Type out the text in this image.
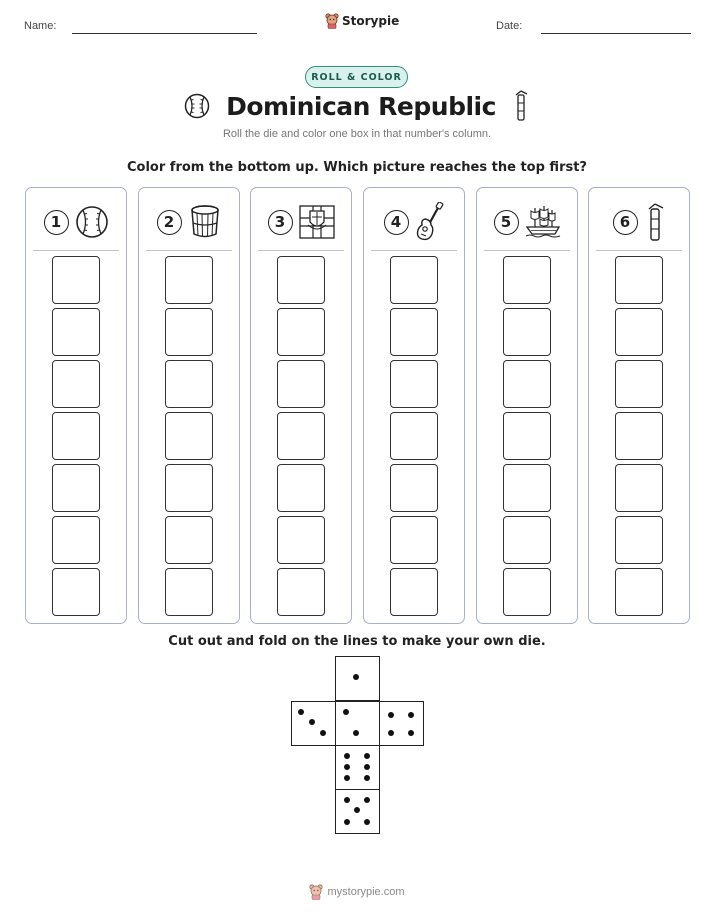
Name:	Storypie	Date:
ROLL & COLOR
Dominican Republic
Roll the die and color one box in that number's column.
Color from the bottom up. Which picture reaches the top first?
1	2	3	4	5	6
Cut out and fold on the lines to make your own die.
mystorypie.com
